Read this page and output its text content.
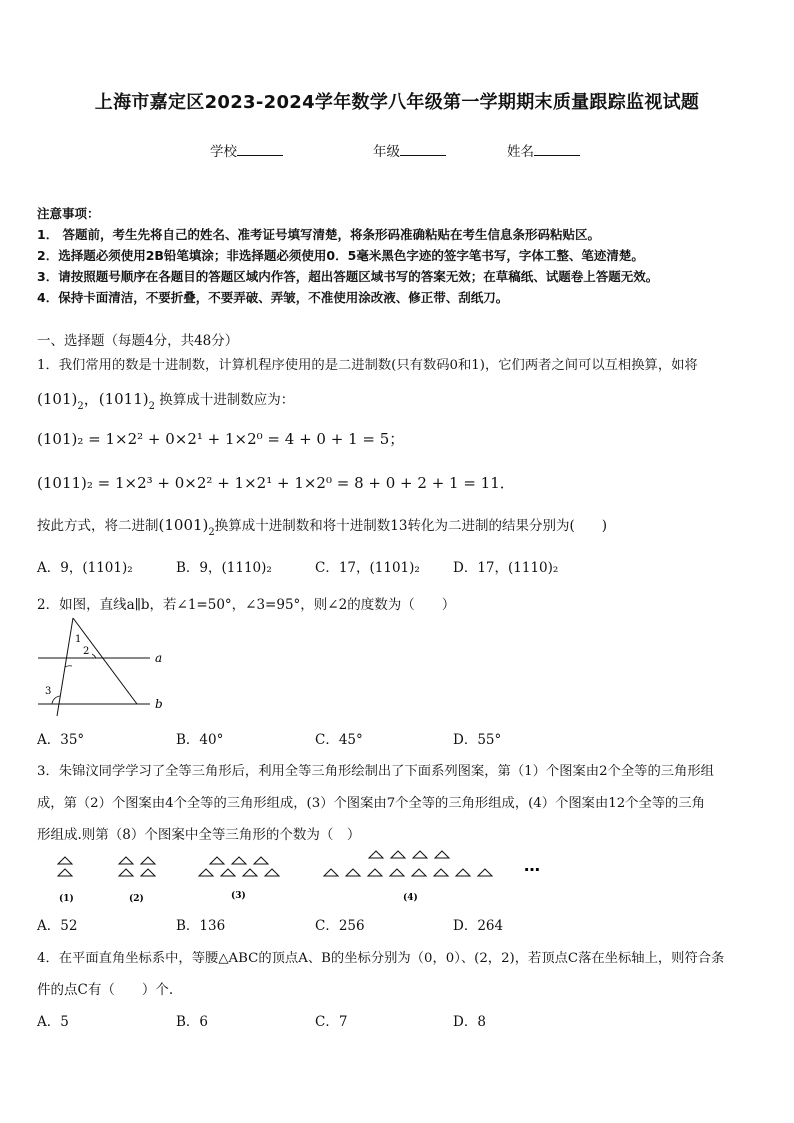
上海市嘉定区2023-2024学年数学八年级第一学期期末质量跟踪监视试题
学校	年级	姓名
注意事项：
1． 答题前，考生先将自己的姓名、准考证号填写清楚，将条形码准确粘贴在考生信息条形码粘贴区。
2．选择题必须使用2B铅笔填涂；非选择题必须使用0．5毫米黑色字迹的签字笔书写，字体工整、笔迹清楚。
3．请按照题号顺序在各题目的答题区域内作答，超出答题区域书写的答案无效；在草稿纸、试题卷上答题无效。
4．保持卡面清洁，不要折叠，不要弄破、弄皱，不准使用涂改液、修正带、刮纸刀。
一、选择题（每题4分，共48分）
1．我们常用的数是十进制数，计算机程序使用的是二进制数(只有数码0和1)，它们两者之间可以互相换算，如将
$(101)_2$，$(1011)_2$ 换算成十进制数应为：
(101)₂ = 1×2² + 0×2¹ + 1×2⁰ = 4 + 0 + 1 = 5；
(1011)₂ = 1×2³ + 0×2² + 1×2¹ + 1×2⁰ = 8 + 0 + 2 + 1 = 11．
按此方式，将二进制$(1001)_2$换算成十进制数和将十进制数13转化为二进制的结果分别为(　　)
A．9，(1101)₂	B．9，(1110)₂	C．17，(1101)₂ D．17，(1110)₂
2．如图，直线a∥b，若∠1=50°，∠3=95°，则∠2的度数为（　　）
1
2
3
a
b
A．35°	B．40°	C．45°	D．55°
3．朱锦汶同学学习了全等三角形后，利用全等三角形绘制出了下面系列图案，第（1）个图案由2个全等的三角形组
成，第（2）个图案由4个全等的三角形组成，(3）个图案由7个全等的三角形组成，(4）个图案由12个全等的三角
形组成.则第（8）个图案中全等三角形的个数为（　）
(1)	(2)	(3)	(4)
…
A．52	B．136	C．256	D．264
4．在平面直角坐标系中，等腰△ABC的顶点A、B的坐标分别为（0，0）、(2，2)，若顶点C落在坐标轴上，则符合条
件的点C有（　　）个.
A．5	B．6	C．7	D．8
